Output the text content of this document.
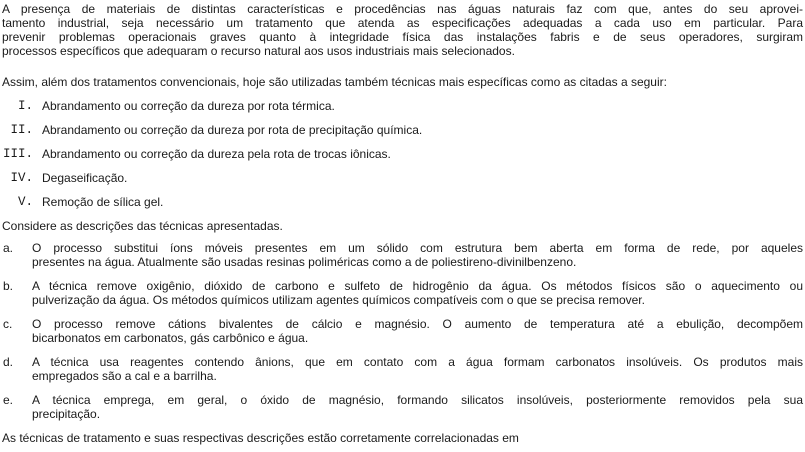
A presença de materiais de distintas características e procedências nas águas naturais faz com que, antes do seu aprovei-
tamento industrial, seja necessário um tratamento que atenda as especificações adequadas a cada uso em particular. Para
prevenir problemas operacionais graves quanto à integridade física das instalações fabris e de seus operadores, surgiram
processos específicos que adequaram o recurso natural aos usos industriais mais selecionados.
Assim, além dos tratamentos convencionais, hoje são utilizadas também técnicas mais específicas como as citadas a seguir:
I. Abrandamento ou correção da dureza por rota térmica.
II. Abrandamento ou correção da dureza por rota de precipitação química.
III. Abrandamento ou correção da dureza pela rota de trocas iônicas.
IV. Degaseificação.
V. Remoção de sílica gel.
Considere as descrições das técnicas apresentadas.
a.	O processo substitui íons móveis presentes em um sólido com estrutura bem aberta em forma de rede, por aqueles
presentes na água. Atualmente são usadas resinas poliméricas como a de poliestireno-divinilbenzeno.
b.	A técnica remove oxigênio, dióxido de carbono e sulfeto de hidrogênio da água. Os métodos físicos são o aquecimento ou
pulverização da água. Os métodos químicos utilizam agentes químicos compatíveis com o que se precisa remover.
c.	O processo remove cátions bivalentes de cálcio e magnésio. O aumento de temperatura até a ebulição, decompõem
bicarbonatos em carbonatos, gás carbônico e água.
d.	A técnica usa reagentes contendo ânions, que em contato com a água formam carbonatos insolúveis. Os produtos mais
empregados são a cal e a barrilha.
e.	A técnica emprega, em geral, o óxido de magnésio, formando silicatos insolúveis, posteriormente removidos pela sua
precipitação.
As técnicas de tratamento e suas respectivas descrições estão corretamente correlacionadas em
